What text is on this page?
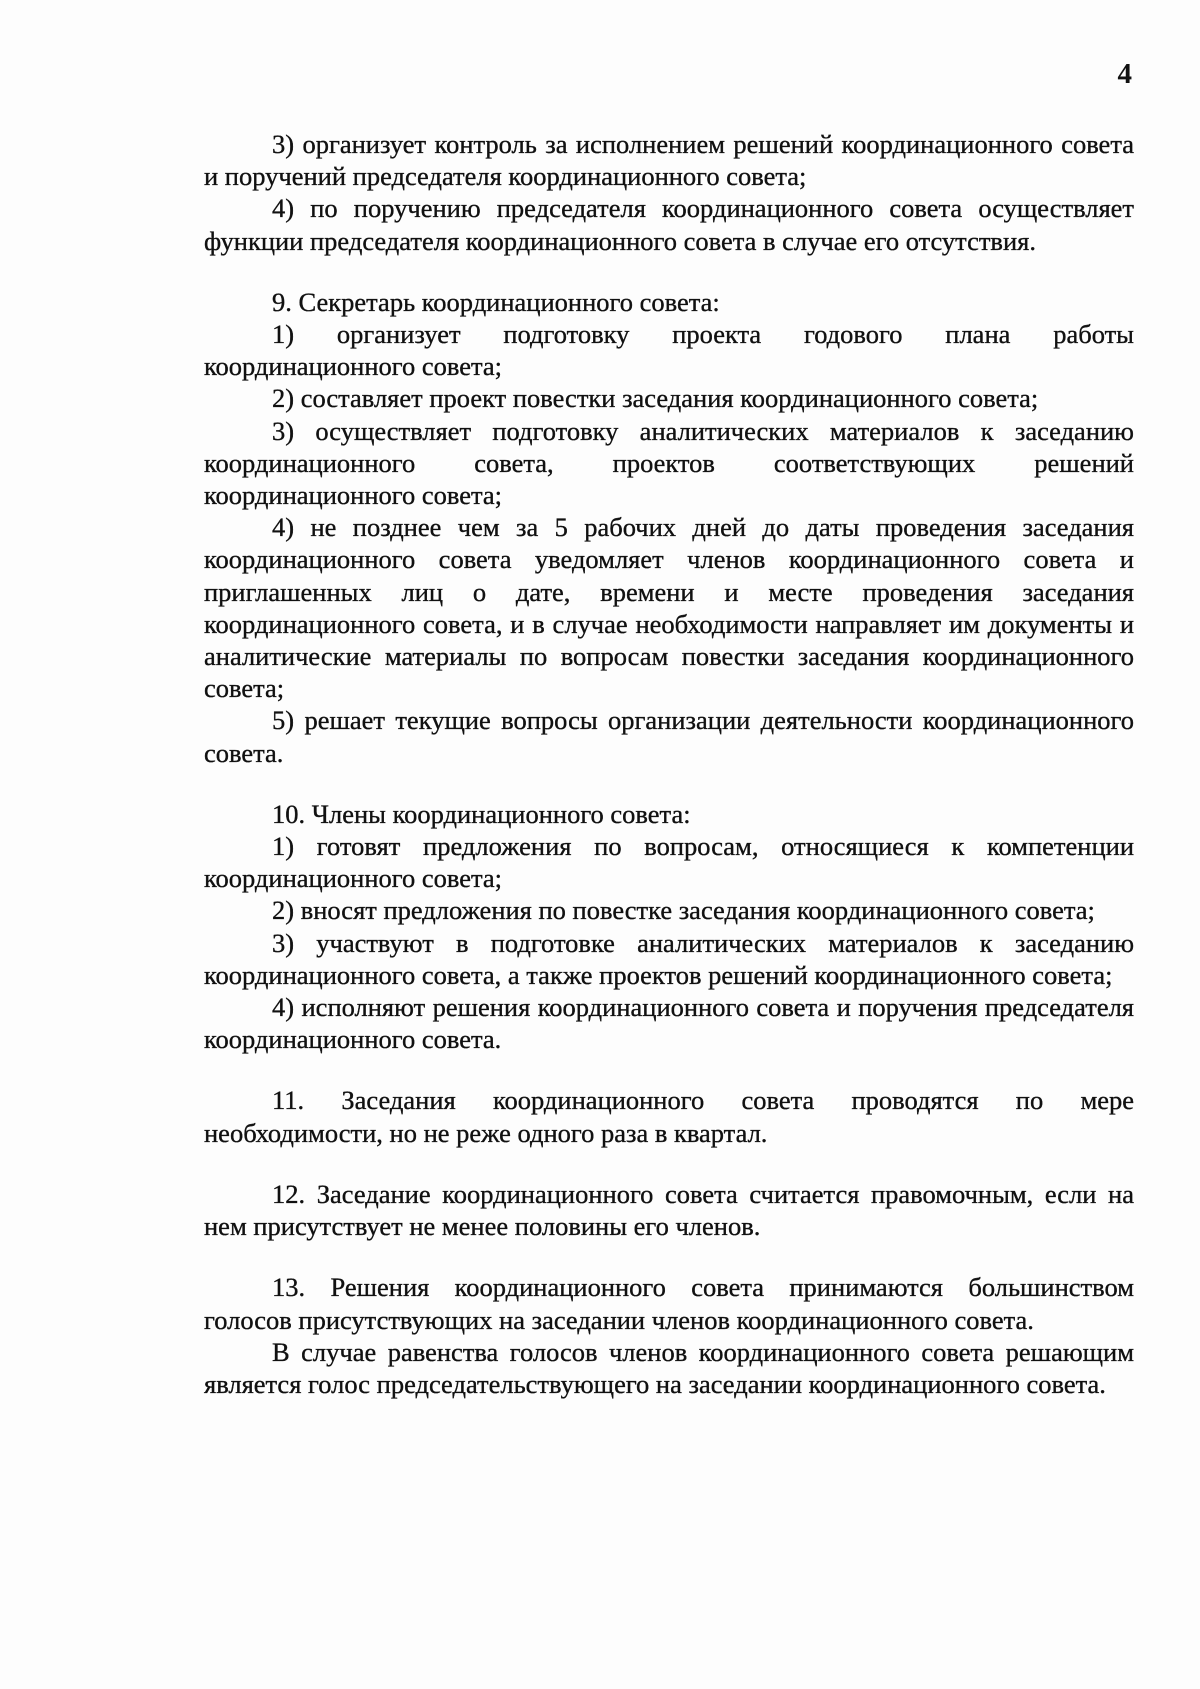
4

3) организует контроль за исполнением решений координационного совета и поручений председателя координационного совета;

4) по поручению председателя координационного совета осуществляет функции председателя координационного совета в случае его отсутствия.

9. Секретарь координационного совета:

1) организует подготовку проекта годового плана работы координационного совета;

2) составляет проект повестки заседания координационного совета;

3) осуществляет подготовку аналитических материалов к заседанию координационного совета, проектов соответствующих решений координационного совета;

4) не позднее чем за 5 рабочих дней до даты проведения заседания координационного совета уведомляет членов координационного совета и приглашенных лиц о дате, времени и месте проведения заседания координационного совета, и в случае необходимости направляет им документы и аналитические материалы по вопросам повестки заседания координационного совета;

5) решает текущие вопросы организации деятельности координационного совета.

10. Члены координационного совета:

1) готовят предложения по вопросам, относящиеся к компетенции координационного совета;

2) вносят предложения по повестке заседания координационного совета;

3) участвуют в подготовке аналитических материалов к заседанию координационного совета, а также проектов решений координационного совета;

4) исполняют решения координационного совета и поручения председателя координационного совета.

11. Заседания координационного совета проводятся по мере необходимости, но не реже одного раза в квартал.

12. Заседание координационного совета считается правомочным, если на нем присутствует не менее половины его членов.

13. Решения координационного совета принимаются большинством голосов присутствующих на заседании членов координационного совета.

В случае равенства голосов членов координационного совета решающим является голос председательствующего на заседании координационного совета.
